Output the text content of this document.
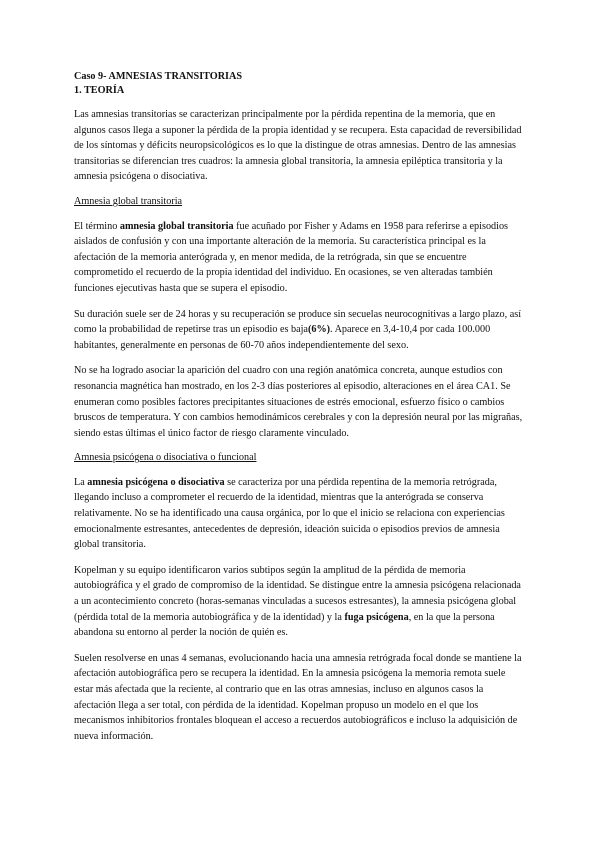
Caso 9- AMNESIAS TRANSITORIAS

1. TEORÍA

Las amnesias transitorias se caracterizan principalmente por la pérdida repentina de la memoria, que en algunos casos llega a suponer la pérdida de la propia identidad y se recupera. Esta capacidad de reversibilidad de los síntomas y déficits neuropsicológicos es lo que la distingue de otras amnesias. Dentro de las amnesias transitorias se diferencian tres cuadros: la amnesia global transitoria, la amnesia epiléptica transitoria y la amnesia psicógena o disociativa.

Amnesia global transitoria

El término amnesia global transitoria fue acuñado por Fisher y Adams en 1958 para referirse a episodios aislados de confusión y con una importante alteración de la memoria. Su característica principal es la afectación de la memoria anterógrada y, en menor medida, de la retrógrada, sin que se encuentre comprometido el recuerdo de la propia identidad del individuo. En ocasiones, se ven alteradas también funciones ejecutivas hasta que se supera el episodio.

Su duración suele ser de 24 horas y su recuperación se produce sin secuelas neurocognitivas a largo plazo, así como la probabilidad de repetirse tras un episodio es baja(6%). Aparece en 3,4-10,4 por cada 100.000 habitantes, generalmente en personas de 60-70 años independientemente del sexo.

No se ha logrado asociar la aparición del cuadro con una región anatómica concreta, aunque estudios con resonancia magnética han mostrado, en los 2-3 días posteriores al episodio, alteraciones en el área CA1. Se enumeran como posibles factores precipitantes situaciones de estrés emocional, esfuerzo físico o cambios bruscos de temperatura. Y con cambios hemodinámicos cerebrales y con la depresión neural por las migrañas, siendo estas últimas el único factor de riesgo claramente vinculado.

Amnesia psicógena o disociativa o funcional

La amnesia psicógena o disociativa se caracteriza por una pérdida repentina de la memoria retrógrada, llegando incluso a comprometer el recuerdo de la identidad, mientras que la anterógrada se conserva relativamente. No se ha identificado una causa orgánica, por lo que el inicio se relaciona con experiencias emocionalmente estresantes, antecedentes de depresión, ideación suicida o episodios previos de amnesia global transitoria.

Kopelman y su equipo identificaron varios subtipos según la amplitud de la pérdida de memoria autobiográfica y el grado de compromiso de la identidad. Se distingue entre la amnesia psicógena relacionada a un acontecimiento concreto (horas-semanas vinculadas a sucesos estresantes), la amnesia psicógena global (pérdida total de la memoria autobiográfica y de la identidad) y la fuga psicógena, en la que la persona abandona su entorno al perder la noción de quién es.

Suelen resolverse en unas 4 semanas, evolucionando hacia una amnesia retrógrada focal donde se mantiene la afectación autobiográfica pero se recupera la identidad. En la amnesia psicógena la memoria remota suele estar más afectada que la reciente, al contrario que en las otras amnesias, incluso en algunos casos la afectación llega a ser total, con pérdida de la identidad. Kopelman propuso un modelo en el que los mecanismos inhibitorios frontales bloquean el acceso a recuerdos autobiográficos e incluso la adquisición de nueva información.
